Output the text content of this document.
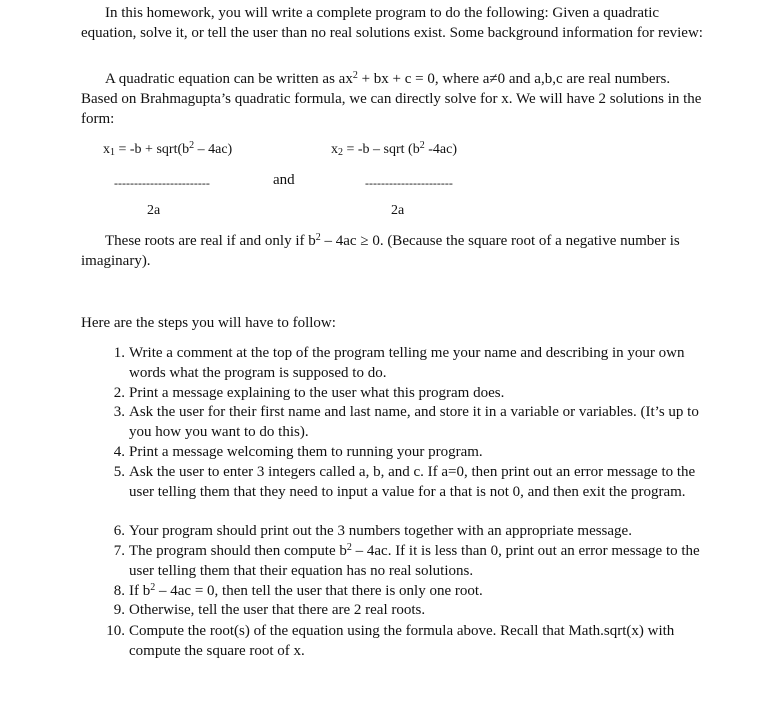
In this homework, you will write a complete program to do the following: Given a quadratic equation, solve it, or tell the user than no real solutions exist. Some background information for review:

A quadratic equation can be written as $ax^2$ + bx + c = 0, where a≠0 and a,b,c are real numbers. Based on Brahmagupta’s quadratic formula, we can directly solve for x. We will have 2 solutions in the form:

$x_1 = -b$ + $sqrt(b^2 - 4ac)$	$x_2 = -b$ – sqrt ($b^2$ -4ac)
------------------------	and	----------------------
2a	2a

These roots are real if and only if $b^2 - 4ac \ge 0$. (Because the square root of a negative number is imaginary).

Here are the steps you will have to follow:

1. Write a comment at the top of the program telling me your name and describing in your own words what the program is supposed to do.

2. Print a message explaining to the user what this program does.

3. Ask the user for their first name and last name, and store it in a variable or variables. (It’s up to you how you want to do this).

4. Print a message welcoming them to running your program.

5. Ask the user to enter 3 integers called a, b, and c. If a=0, then print out an error message to the user telling them that they need to input a value for a that is not 0, and then exit the program.

6. Your program should print out the 3 numbers together with an appropriate message.

7. The program should then compute $b^2 - 4ac$. If it is less than 0, print out an error message to the user telling them that their equation has no real solutions.

8. If $b^2 - 4ac = 0$, then tell the user that there is only one root.

9. Otherwise, tell the user that there are 2 real roots.

10. Compute the root(s) of the equation using the formula above. Recall that Math.sqrt(x) with compute the square root of x.
